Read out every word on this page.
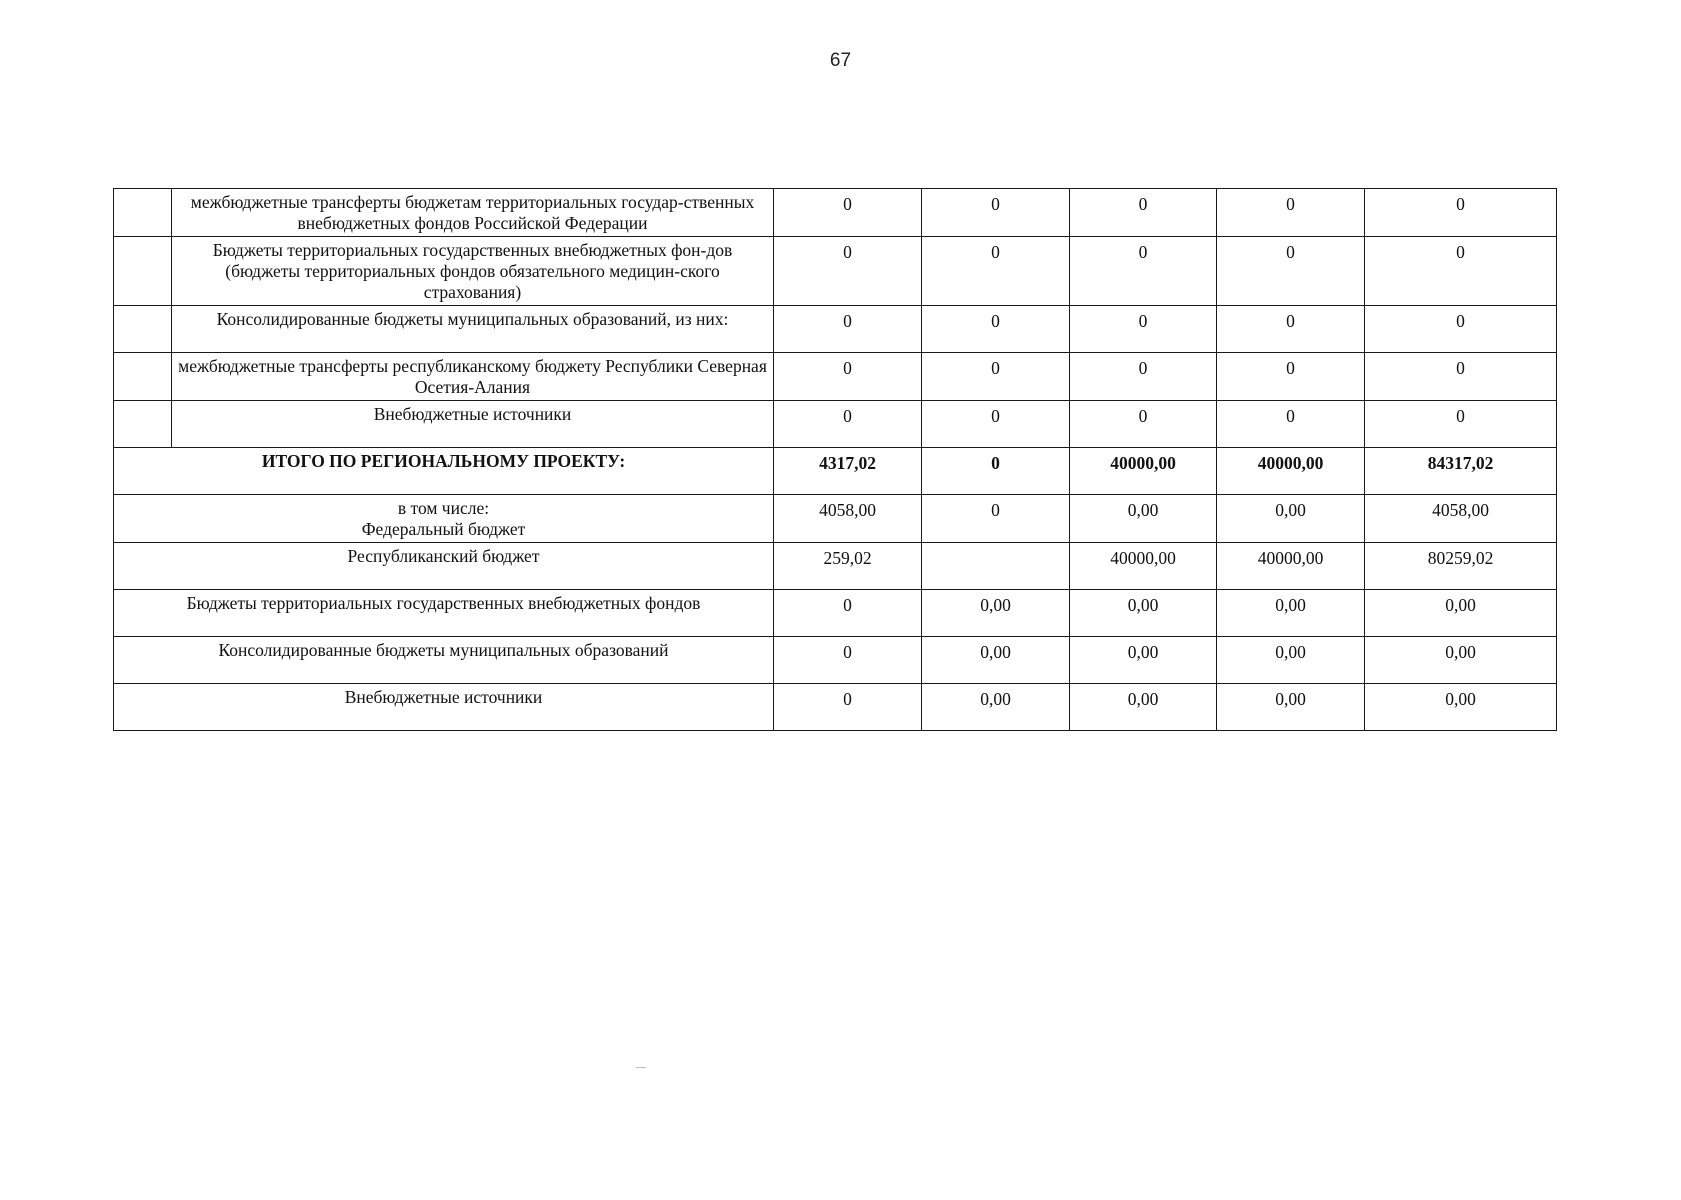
67
	межбюджетные трансферты бюджетам территориальных государ-ственных внебюджетных фондов Российской Федерации	0	0	0	0	0
	Бюджеты территориальных государственных внебюджетных фон-дов (бюджеты территориальных фондов обязательного медицин-ского страхования)	0	0	0	0	0
	Консолидированные бюджеты муниципальных образований, из них:	0	0	0	0	0
	межбюджетные трансферты республиканскому бюджету Республики Северная Осетия-Алания	0	0	0	0	0
	Внебюджетные источники	0	0	0	0	0
ИТОГО ПО РЕГИОНАЛЬНОМУ ПРОЕКТУ:		4317,02	0	40000,00	40000,00	84317,02

в том числе:
Федеральный бюджет		4058,00	0	0,00	0,00	4058,00
Республиканский бюджет		259,02		40000,00	40000,00	80259,02
Бюджеты территориальных государственных внебюджетных фондов		0	0,00	0,00	0,00	0,00
Консолидированные бюджеты муниципальных образований		0	0,00	0,00	0,00	0,00
Внебюджетные источники		0	0,00	0,00	0,00	0,00
